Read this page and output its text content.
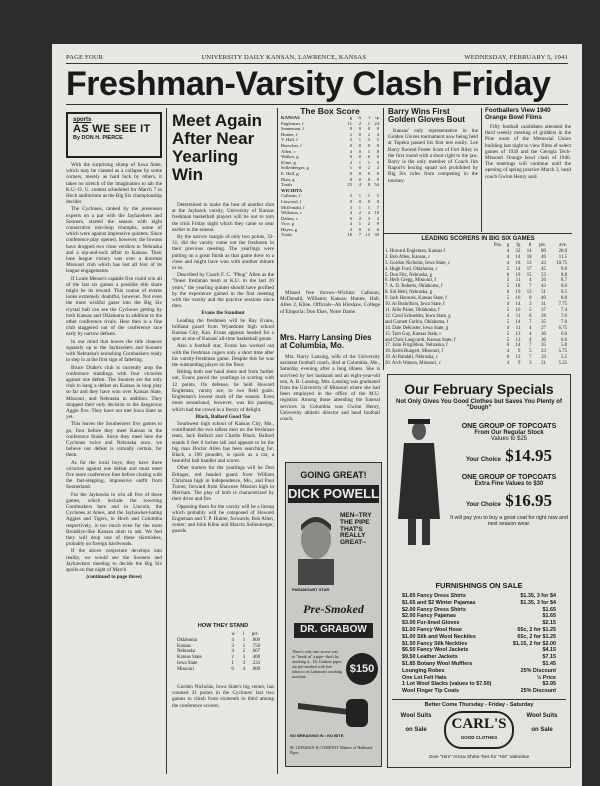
PAGE FOUR	UNIVERSITY DAILY KANSAN, LAWRENCE, KANSAS	WEDNESDAY, FEBRUARY 5, 1941
Freshman-Varsity Clash Friday
sports
AS WE SEE IT
By DON H. PIERCE

With the surprising slump of Iowa State, which may be classed as a collapse by some corners, merely as hard luck by others, it takes no stretch of the imagination to tab the K.U.-O. U. contest scheduled for March 7 in Hoch auditorium as the Big Six championship decider.

The Cyclones, ranked by the preseason experts on a par with the Jayhawkers and Sooners, started the season with eight consecutive non-loop triumphs, some of which were against impressive quintets. Since conference play opened, however, the Iowans have dropped two close verdicts to Nebraska and a nip-and-tuck affair to Kansas. Their lone league victory was over a doormat Missouri club which has lost all four of its league engagements.

If Louie Menze's capable five could win all of the last six games a possible title share might be its reward. This course of events looks extremely doubtful, however. Not even the most wishful gazer into the Big Six crystal ball can see the Cyclones getting by both Kansas and Oklahoma in addition to the other conference rivals. Here then is a fine club staggered out of the conference race early by narrow defeats.

In our mind that leaves the title chances squarely up to the Jayhawkers and Sooners with Nebraska's onrushing Cornhuskers ready to step in at the first sign of faltering.

Bruce Drake's club is currently atop the conference standings with four victories against one defeat. The Sooners are the only club to hang a defeat on Kansas in loop play so far and they have won over Kansas State, Missouri, and Nebraska in addition. They dropped their only decision to the dangerous Aggie five. They have not met Iowa State as yet.

This leaves the Southerners five games to go, four before they meet Kansas in the conference finale. Since they meet here the Cyclones twice and Nebraska once, we believe our defeat is virtually certain, for them.

As for the local boys, they have three victories against one defeat and must meet five more conference foes before closing with the fast-stepping, impressive outfit from Soonerland.

For the Jayhawks to win all five of these games, which include the towering Cornhuskers here and in Lincoln, the Cyclones at Ames, and the Jayhawker-hating Aggies and Tigers, in Hoch and Columbia respectively, is too much even for the most Brooklyn-like Kansan alum to ask. We feel they will drop one of these skirmishes, probably on foreign hardwoods.

If the above conjecture develops into reality, we would see the Sooners and Jayhawkers meeting to decide the Big Six spoils on that night of March

(continued to page three)

Meet Again After Near Yearling Win

Determined to make the best of another shot at the Jayhawk varsity, University of Kansas freshman basketball players will be out to turn the trick Friday night which they came so near earlier in the season.

By the narrow margin of only two points, 33-31, did the varsity come out the freshmen in their previous meeting. The yearlings were putting on a great finish as that game drew to a close and might have won with another minute or so.

Described by Coach F. C. "Phog" Allen as the "finest freshman team at K.U. in the last 20 years," the yearling quintet should have profited by the experience gained in the first meeting with the varsity and the practice sessions since then.

Evans the Standout

Leading the freshmen will be Ray Evans, brilliant guard from Wyandotte high school Kansas City, Kan. Evans appears headed for a spot as one of Kansas' all-time basketball greats.

Also a football star, Evans has worked out with the freshman cagers only a short time after his varsity-freshman game. Despite this he was the outstanding player on the floor.

Hitting both one hand shots and from farther out, Evans paced the yearlings in scoring with 12 points. On defense, he held Howard Engleman, varsity ace, to two field goals. Engleman's lowest mark of the season. Even more sensational, however, was his passing, which had the crowd in a frenzy of delight.

Black, Ballard Good Too

Southwest high school of Kansas City, Mo., contributed the two tallest men on the freshman team, Jack Ballard and Charlie Black. Ballard stands 6 feet 6 inches tall and appears to be the big man Doctor Allen has been searching for. Black, a 190 pounder, is quick as a cat, a beautiful ball handler and scorer.

Other starters for the yearlings will be Don Ettinger, red headed guard from William Chrisman high in Independence, Mo., and Paul Turner, forward from Shawnee Mission high in Merriam. The play of both is characterized by their drive and fire.

Opposing them for the varsity will be a lineup which probably will be composed of Howard Engleman and T. P. Hunter, forwards; Bob Allen, center; and John Kline and Marvin Sollenberger, guards.

HOW THEY STAND
	w	l	pct.
Oklahoma	4	1	.800
Kansas	3	1	.750
Nebraska	4	2	.667
Kansas State	2	3	.400
Iowa State	1	3	.333
Missouri	0	4	.000

Gordon Nicholas, Iowa State's big center, has counted 31 points in the Cyclones' last two games to climb from sixteenth to third among the conference scorers.

The Box Score
KANSAS	g	ft	f	tp
Engleman, f	11	2	1	24
Sanneman, f	0	0	0	0
Hunter, f	2	0	2	4
V. Hall, f	2	1	3	5
Buescher, f	0	0	0	0
Allen, c	4	0	1	8
Walker, g	0	0	0	0
Kline, g	2	1	1	5
Sollenberger, g	1	0	2	2
E. Hall, g	0	0	0	0
Blair, g	0	0	0	0
Totals	25	4	8	54
WICHITA				
Calhoun, f	2	1	1	5
Linwood, f	0	0	0	0
McDonald, f	3	1	1	7
Williams, c	4	2	2	10
Dalton, c	0	2	3	2
Vice, g	4	1	2	9
Hayes, g	3	0	2	6
Totals	16	7	12	39

Missed free throws--Wichita: Calhoun, McDonald, Williams; Kansas: Hunter, Hall, Allen 2, Kline. Officials--Ab Hinshaw, College of Emporia; Don Elser, Notre Dame.

Mrs. Harry Lansing Dies at Columbia, Mo.

Mrs. Harry Lansing, wife of the University assistant football coach, died at Columbia, Mo., Saturday evening after a long illness. She is survived by her husband and an eight-year-old son, A. B. Lansing. Mrs. Lansing was graduated from the University of Missouri where she had been employed in the office of the M.U. registrar. Among those attending the funeral services in Columbia was Gwinn Henry, University athletic director and head football coach.

GOING GREAT!
DICK POWELL
PARAMOUNT STAR
MEN--TRY THE PIPE THAT'S REALLY GREAT--
Pre-Smoked
DR. GRABOW
There's only one correct way to "break in" a pipe--that's by smoking it... Dr. Grabow pipes are pre-smoked with fine tobacco on Linkman's smoking machine.
$150
NO BREAKING IN • NO BITE
M. LINKMAN & COMPANY Makers of Hallmark Pipes
Barry Wins First Golden Gloves Bout

Kansas' only representative in the Golden Gloves tournament now being held at Topeka passed his first test easily. Lee Barry floored Foster Scott of Fort Riley in the first round with a short right to the jaw. Barry is the only member of Coach Jim Raport's boxing squad not prohibited by Big Six rules from competing in the tourney.

Footballers View 1940 Orange Bowl Films

Fifty football candidates attended the third weekly meeting of gridders in the Pine room of the Memorial Union building last night to view films of select games of 1939 and the Georgia Tech-Missouri Orange bowl clash of 1940. The meetings will continue until the opening of spring practice March 3, head coach Gwinn Henry said.

LEADING SCORERS IN BIG SIX GAMES
Pos.	g	fg	ft	pts.	ave.
1. Howard Engleman, Kansas f	4	32	14	80	20.0
2. Bob Allen, Kansas, c	4	14	18	46	11.5
3. Gordon Nicholas, Iowa State, c	4	18	13	43	10.75
4. Hugh Ford, Oklahoma, c	5	14	17	45	9.0
5. Don Fitz, Nebraska, g	6	19	15	53	8.8
6. Herb Gregg, Missouri, f	3	11	4	26	8.7
7. A. D. Roberts, Oklahoma, f	5	18	7	43	8.6
8. Sid Held, Nebraska, g	6	19	13	51	8.5
9. Jack Horacek, Kansas State, f	5	16	8	40	8.0
10. Al Budolfson, Iowa State, f	4	14	3	31	7.75
11. Allie Paine, Oklahoma, f	5	16	5	37	7.4
12. Carol Schneider, Iowa State, g	4	11	6	28	7.0
and Garnett Corbin, Oklahoma, f	5	14	7	35	7.0
14. Dale DeKoster, Iowa State, g	4	11	4	27	6.75
15. Tom Guy, Kansas State, c	5	13	4	30	6.0
and Chris Langvardt, Kansas State, f	5	13	4	30	6.0
17. John Fitzgibbon, Nebraska, f	6	14	7	35	5.8
18. Keith Bungert, Missouri, f	4	9	5	23	5.75
19. Al Randall, Nebraska, c	6	13	7	33	5.5
20. Arch Watson, Missouri, c	4	9	3	21	5.25
Our February Specials
Not Only Gives You Good Clothes but Saves You Plenty of "Dough"
ONE GROUP OF TOPCOATS
From Our Regular Stock
Values to $25
Your Choice $14.95
ONE GROUP OF TOPCOATS
Extra Fine Values to $30
Your Choice $16.95
It will pay you to buy a good coat for right now and next season wear.
FURNISHINGS ON SALE
$1.65 Fancy Dress Shirts	$1.35, 3 for $4
$1.65 and $2 Winter Pajamas	$1.35, 3 for $4
$2.00 Fancy Dress Shirts	$1.65
$2.00 Fancy Pajamas	$1.65
$3.00 Fur-lined Gloves	$2.15
$1.00 Fancy Wool Hose	65c, 2 for $1.25
$1.00 Silk and Wool Neckties	65c, 2 for $1.25
$1.50 Fancy Silk Neckties	$1.15, 2 for $2.00
$6.50 Fancy Wool Jackets	$4.15
$9.50 Leather Jackets	$7.15
$1.85 Botany Wool Mufflers	$1.45
Lounging Robes	25% Discount
One Lot Felt Hats	½ Price
1 Lot Wool Slacks (values to $7.50)	$3.95
Wool Finger Tip Coats	25% Discount
Better Come Thursday - Friday - Saturday
Wool Suits
on Sale	CARL'S
GOOD CLOTHES
Wool Suits
on Sale
Give "Him" Arrow Shirts-Ties for "His" Valentine
